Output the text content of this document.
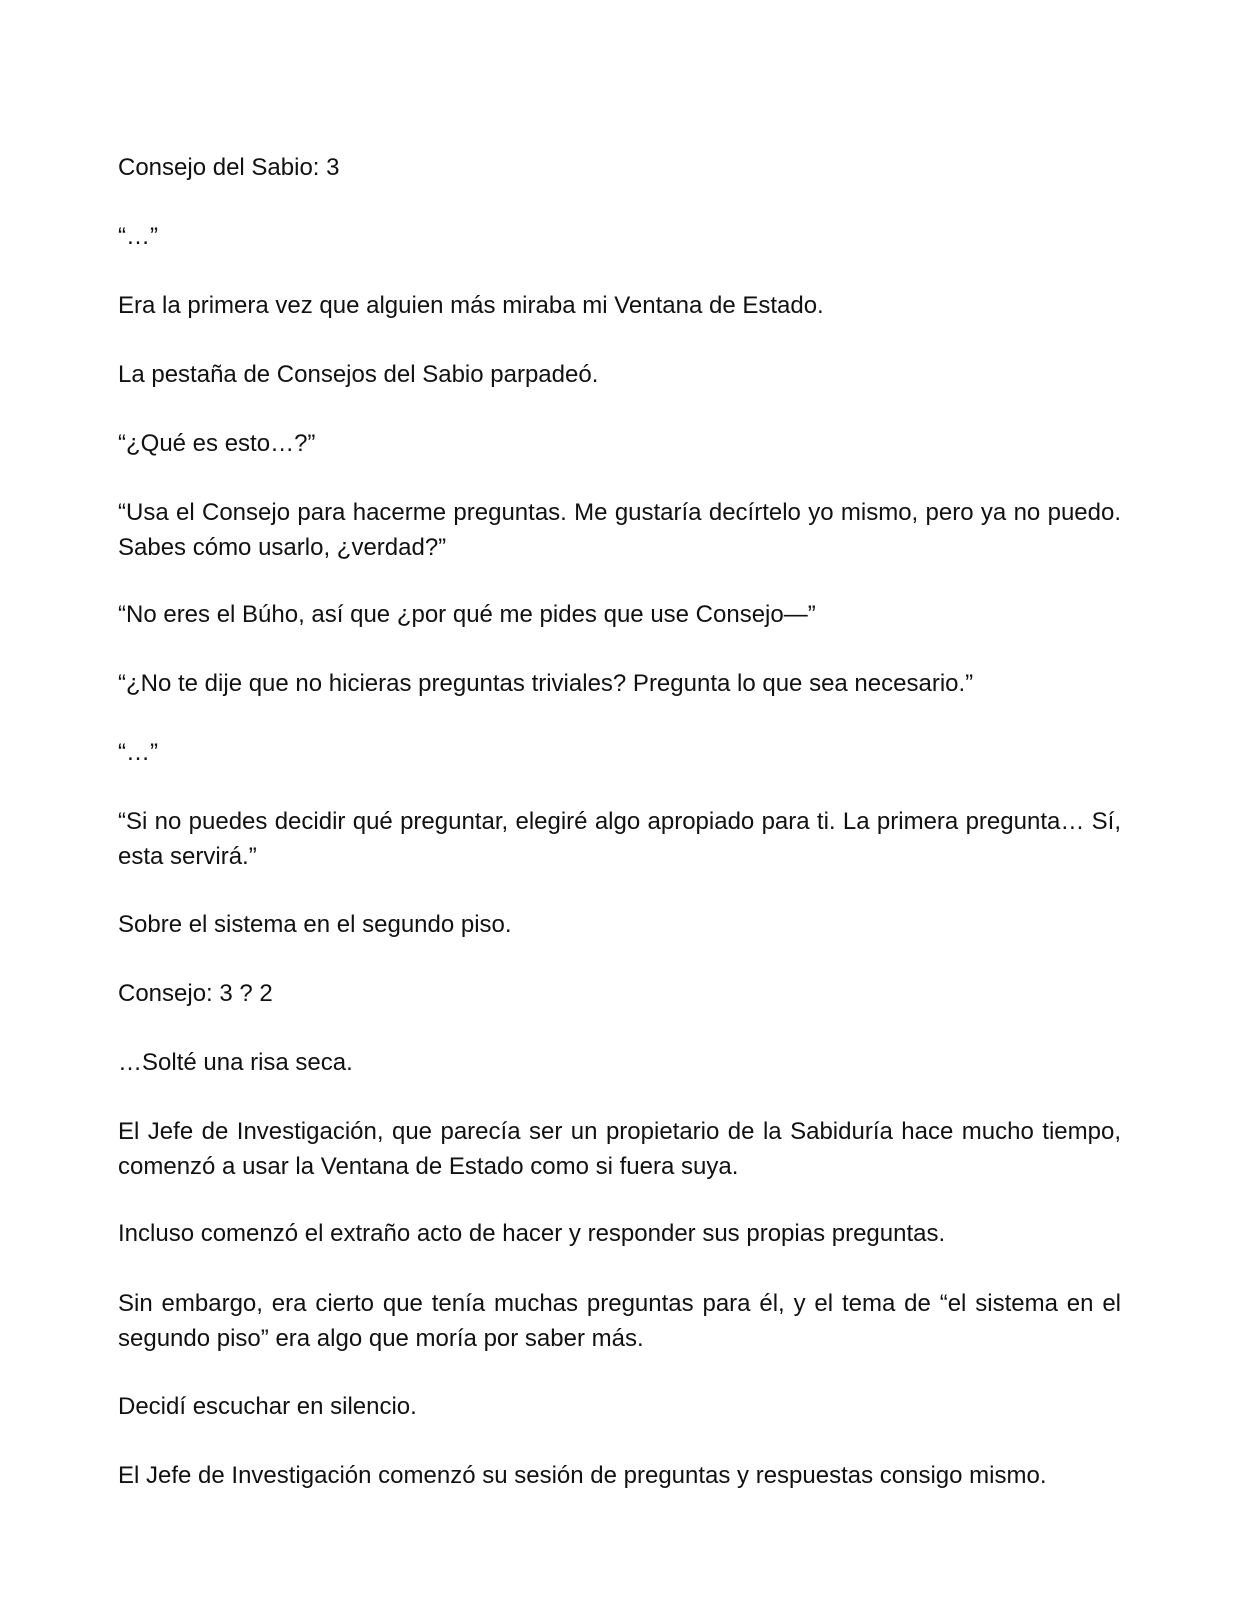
Consejo del Sabio: 3

“…”

Era la primera vez que alguien más miraba mi Ventana de Estado.

La pestaña de Consejos del Sabio parpadeó.

“¿Qué es esto…?”

“Usa el Consejo para hacerme preguntas. Me gustaría decírtelo yo mismo, pero ya no puedo. Sabes cómo usarlo, ¿verdad?”

“No eres el Búho, así que ¿por qué me pides que use Consejo—”

“¿No te dije que no hicieras preguntas triviales? Pregunta lo que sea necesario.”

“…”

“Si no puedes decidir qué preguntar, elegiré algo apropiado para ti. La primera pregunta… Sí, esta servirá.”

Sobre el sistema en el segundo piso.

Consejo: 3 ? 2

…Solté una risa seca.

El Jefe de Investigación, que parecía ser un propietario de la Sabiduría hace mucho tiempo, comenzó a usar la Ventana de Estado como si fuera suya.

Incluso comenzó el extraño acto de hacer y responder sus propias preguntas.

Sin embargo, era cierto que tenía muchas preguntas para él, y el tema de “el sistema en el segundo piso” era algo que moría por saber más.

Decidí escuchar en silencio.

El Jefe de Investigación comenzó su sesión de preguntas y respuestas consigo mismo.
